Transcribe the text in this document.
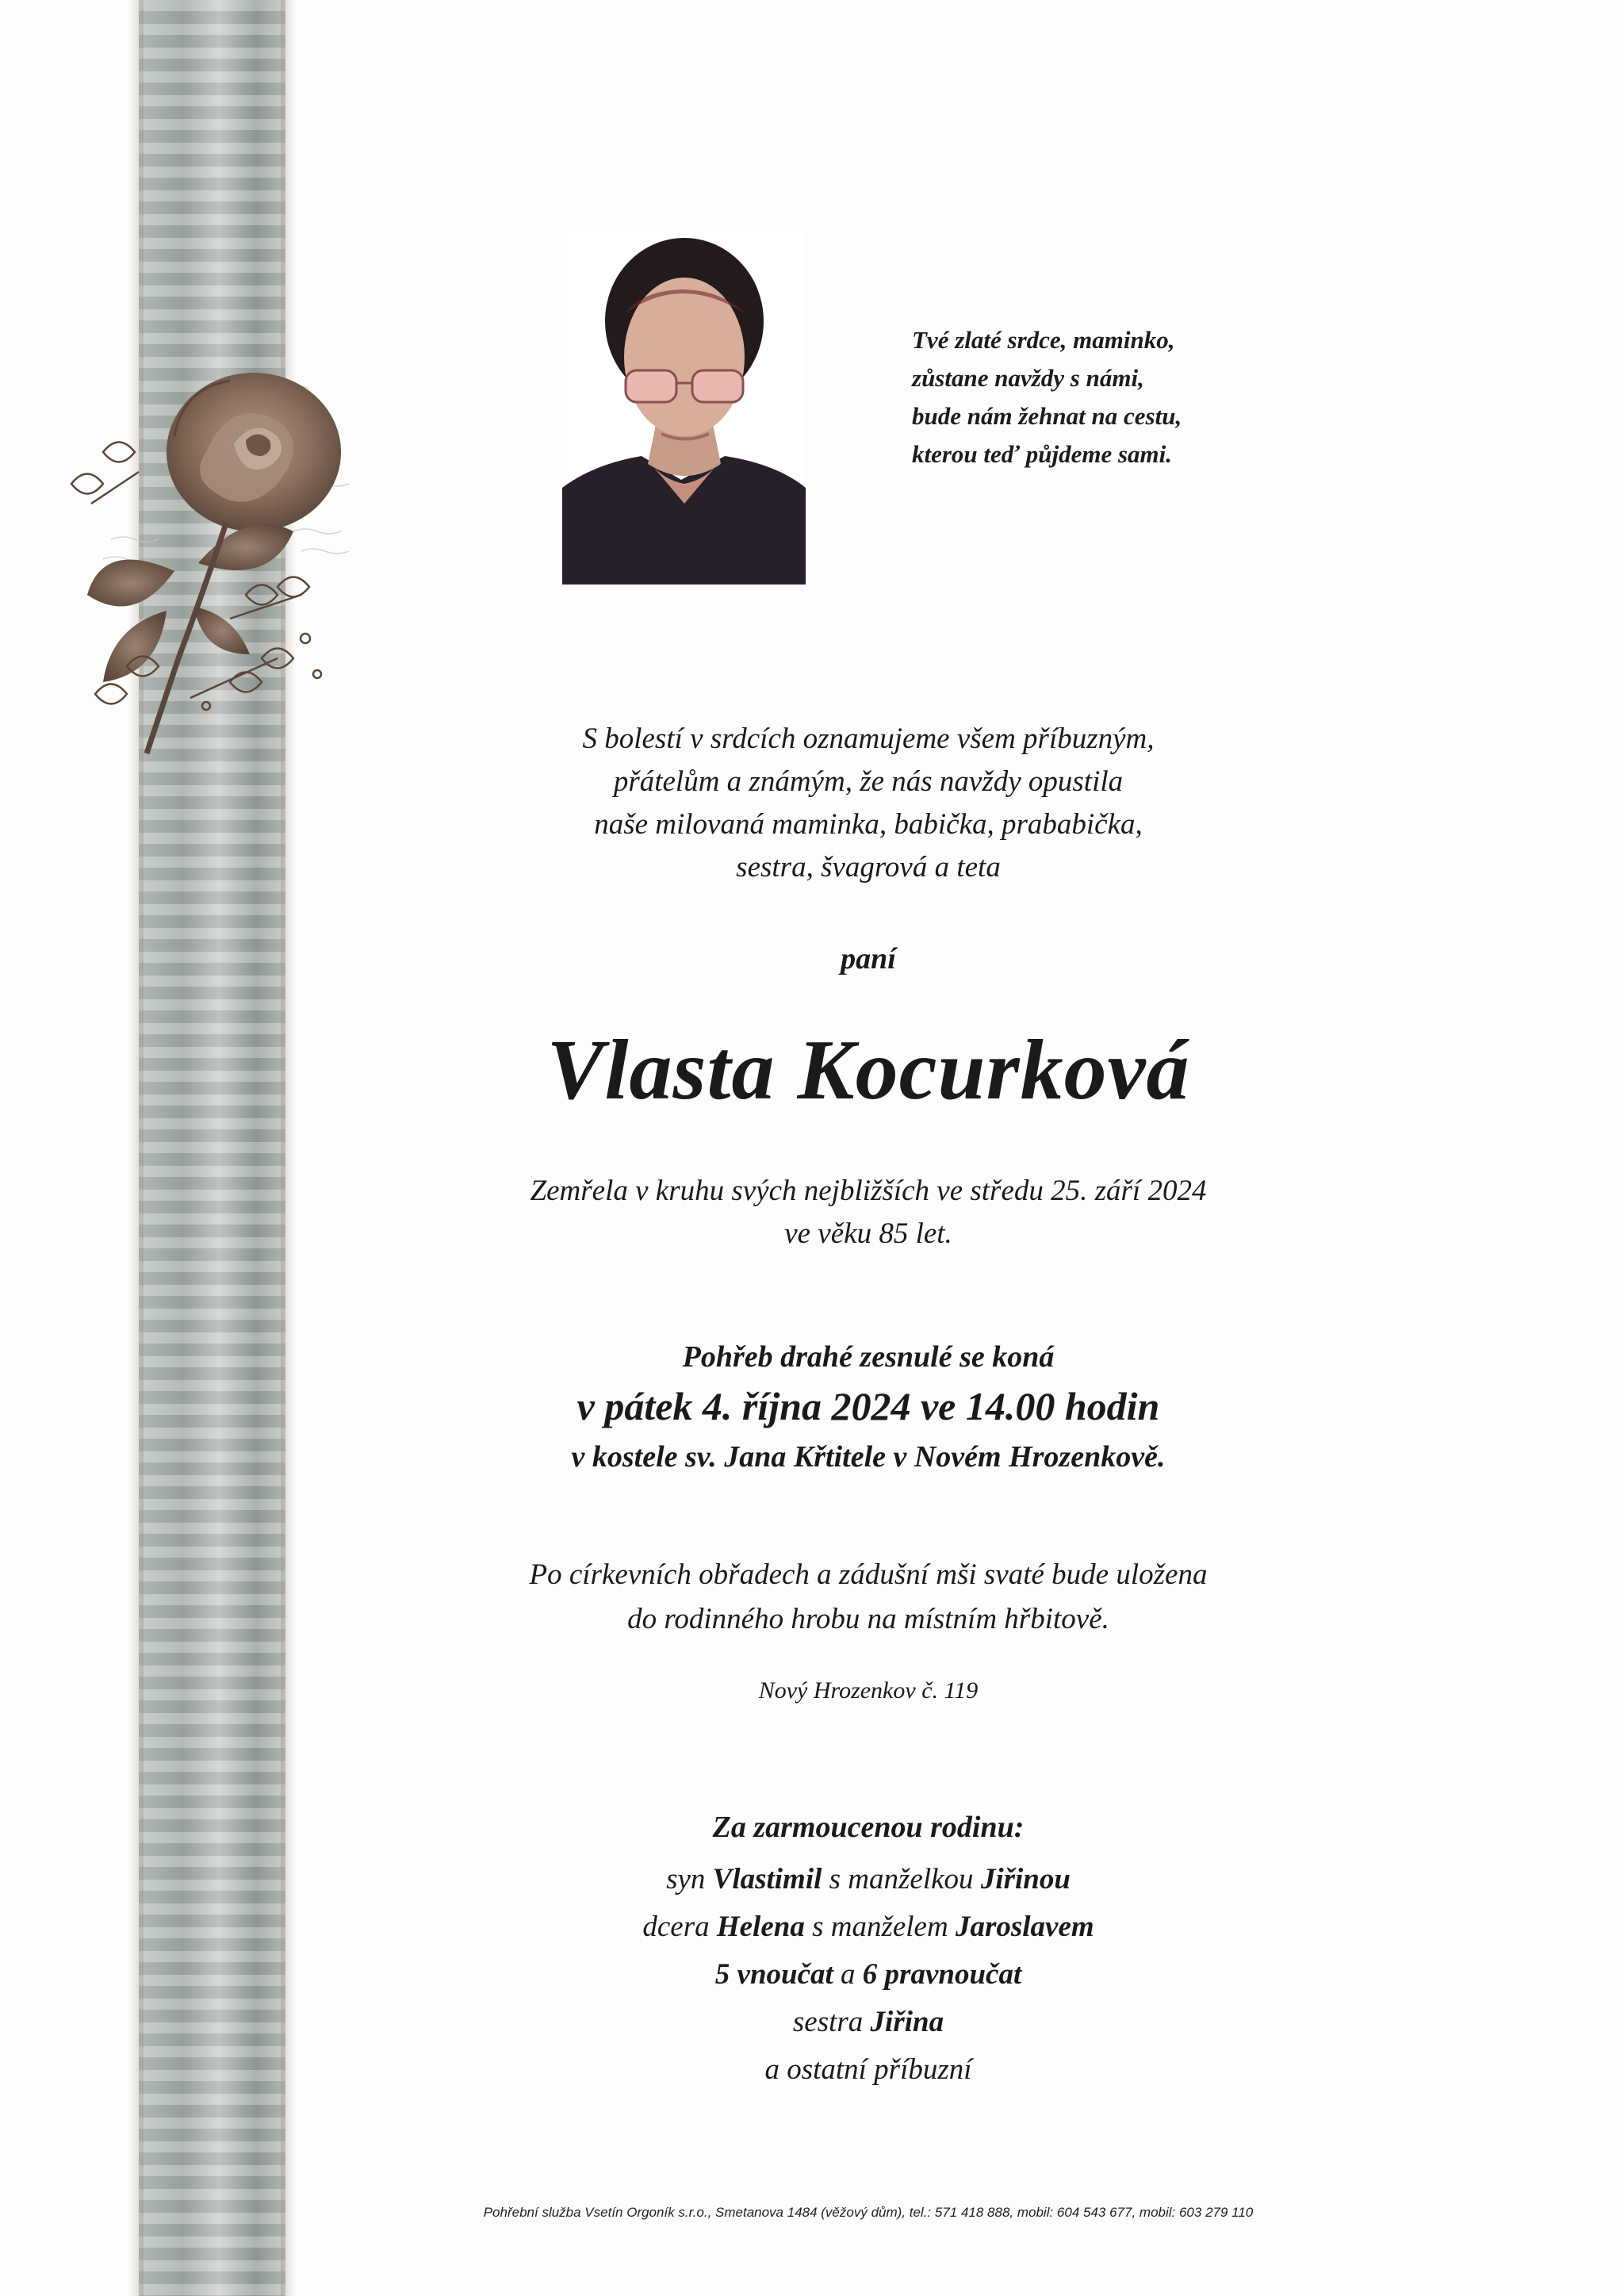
Tvé zlaté srdce, maminko,
zůstane navždy s námi,
bude nám žehnat na cestu,
kterou teď půjdeme sami.
S bolestí v srdcích oznamujeme všem příbuzným,
přátelům a známým, že nás navždy opustila
naše milovaná maminka, babička, prababička,
sestra, švagrová a teta
paní
Vlasta Kocurková
Zemřela v kruhu svých nejbližších ve středu 25. září 2024
ve věku 85 let.
Pohřeb drahé zesnulé se koná
v pátek 4. října 2024 ve 14.00 hodin
v kostele sv. Jana Křtitele v Novém Hrozenkově.
Po církevních obřadech a zádušní mši svaté bude uložena
do rodinného hrobu na místním hřbitově.
Nový Hrozenkov č. 119
Za zarmoucenou rodinu:
syn Vlastimil s manželkou Jiřinou
dcera Helena s manželem Jaroslavem
5 vnoučat a 6 pravnoučat
sestra Jiřina
a ostatní příbuzní
Pohřební služba Vsetín Orgoník s.r.o., Smetanova 1484 (věžový dům), tel.: 571 418 888, mobil: 604 543 677, mobil: 603 279 110
